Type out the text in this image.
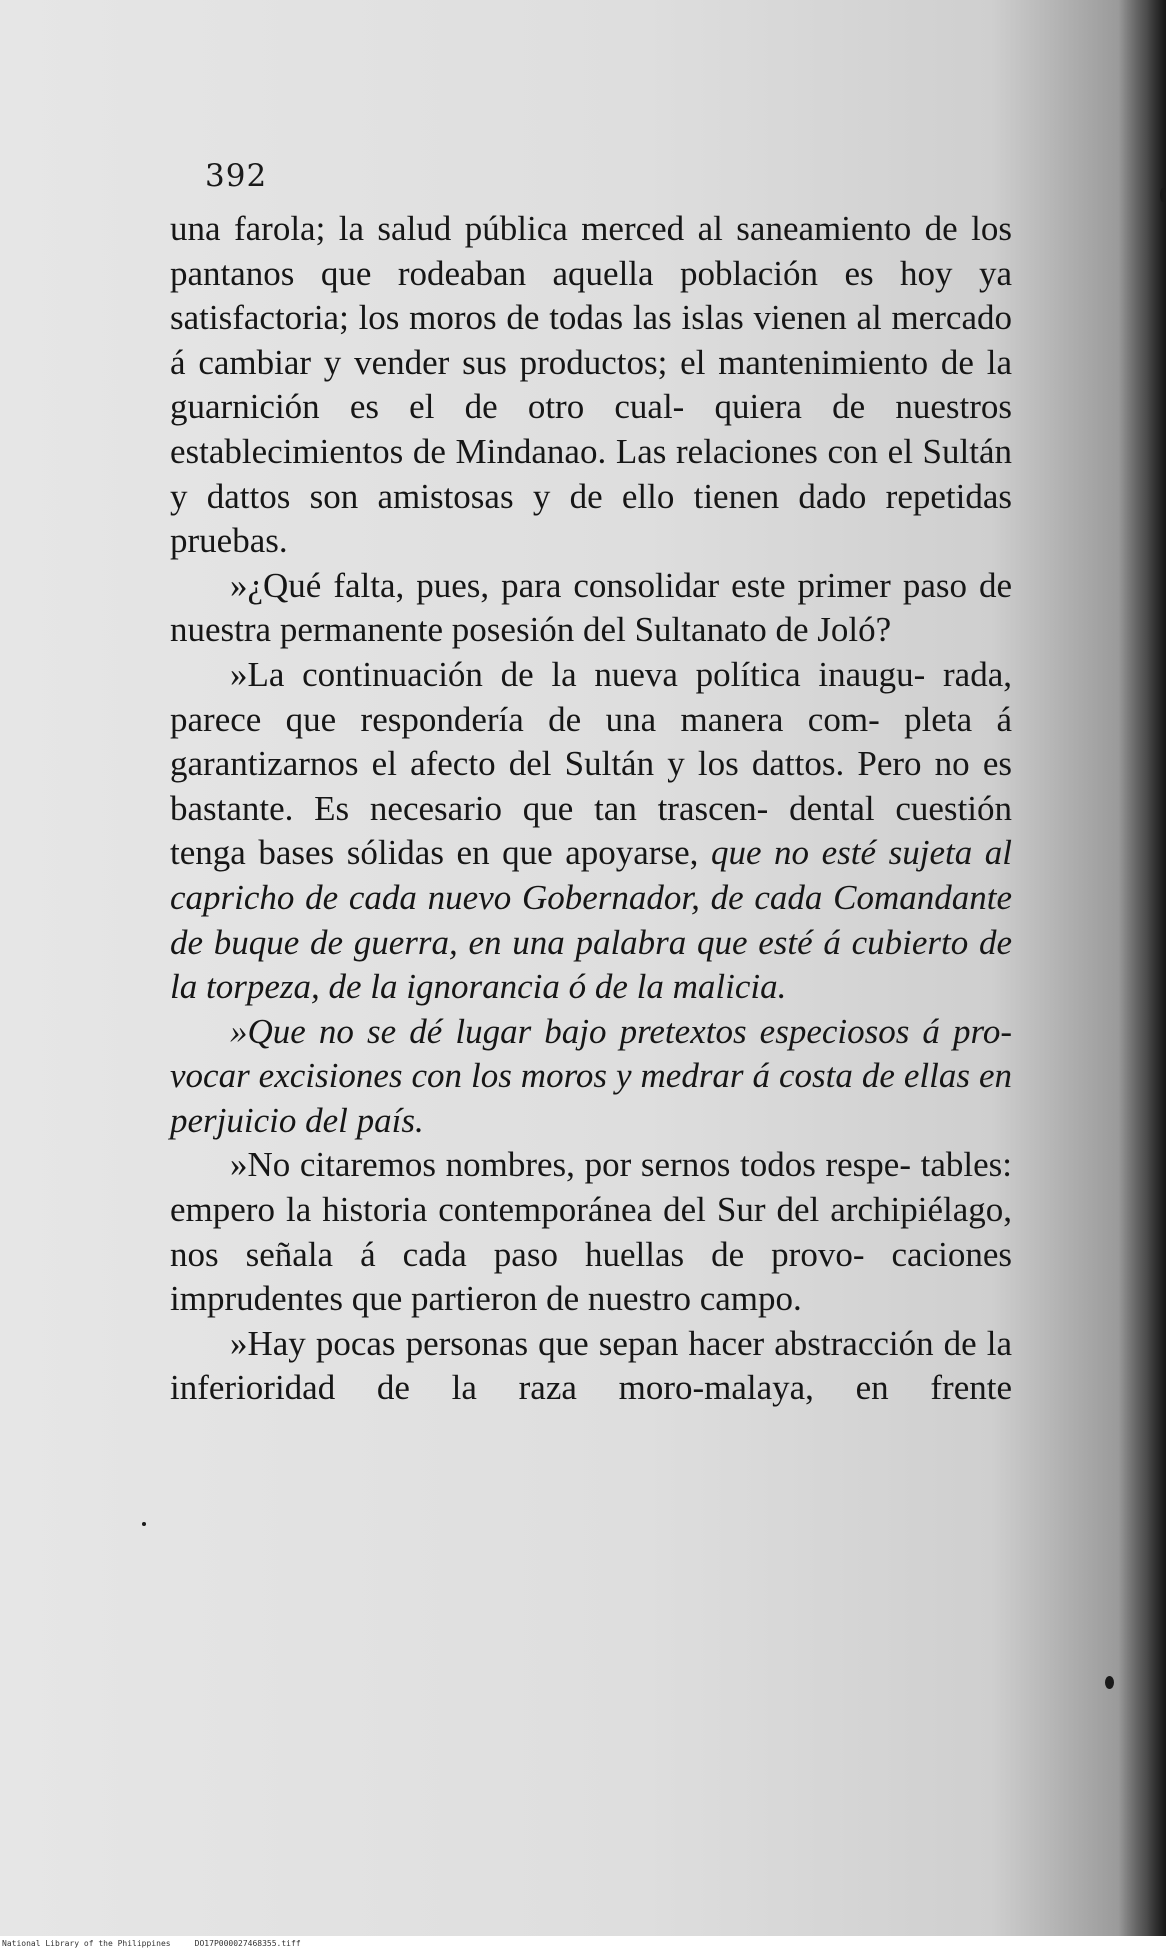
392

una farola; la salud pública merced al saneamiento de los pantanos que rodeaban aquella población es hoy ya satisfactoria; los moros de todas las islas vienen al mercado á cambiar y vender sus productos; el mantenimiento de la guarnición es el de otro cual- quiera de nuestros establecimientos de Mindanao. Las relaciones con el Sultán y dattos son amistosas y de ello tienen dado repetidas pruebas.

»¿Qué falta, pues, para consolidar este primer paso de nuestra permanente posesión del Sultanato de Joló?

»La continuación de la nueva política inaugu- rada, parece que respondería de una manera com- pleta á garantizarnos el afecto del Sultán y los dattos. Pero no es bastante. Es necesario que tan trascen- dental cuestión tenga bases sólidas en que apoyarse, que no esté sujeta al capricho de cada nuevo Gobernador, de cada Comandante de buque de guerra, en una palabra que esté á cubierto de la torpeza, de la ignorancia ó de la malicia.

»Que no se dé lugar bajo pretextos especiosos á pro- vocar excisiones con los moros y medrar á costa de ellas en perjuicio del país.

»No citaremos nombres, por sernos todos respe- tables: empero la historia contemporánea del Sur del archipiélago, nos señala á cada paso huellas de provo- caciones imprudentes que partieron de nuestro campo.

»Hay pocas personas que sepan hacer abstracción de la inferioridad de la raza moro-malaya, en frente

National Library of the Philippines	DO17P000027468355.tiff
